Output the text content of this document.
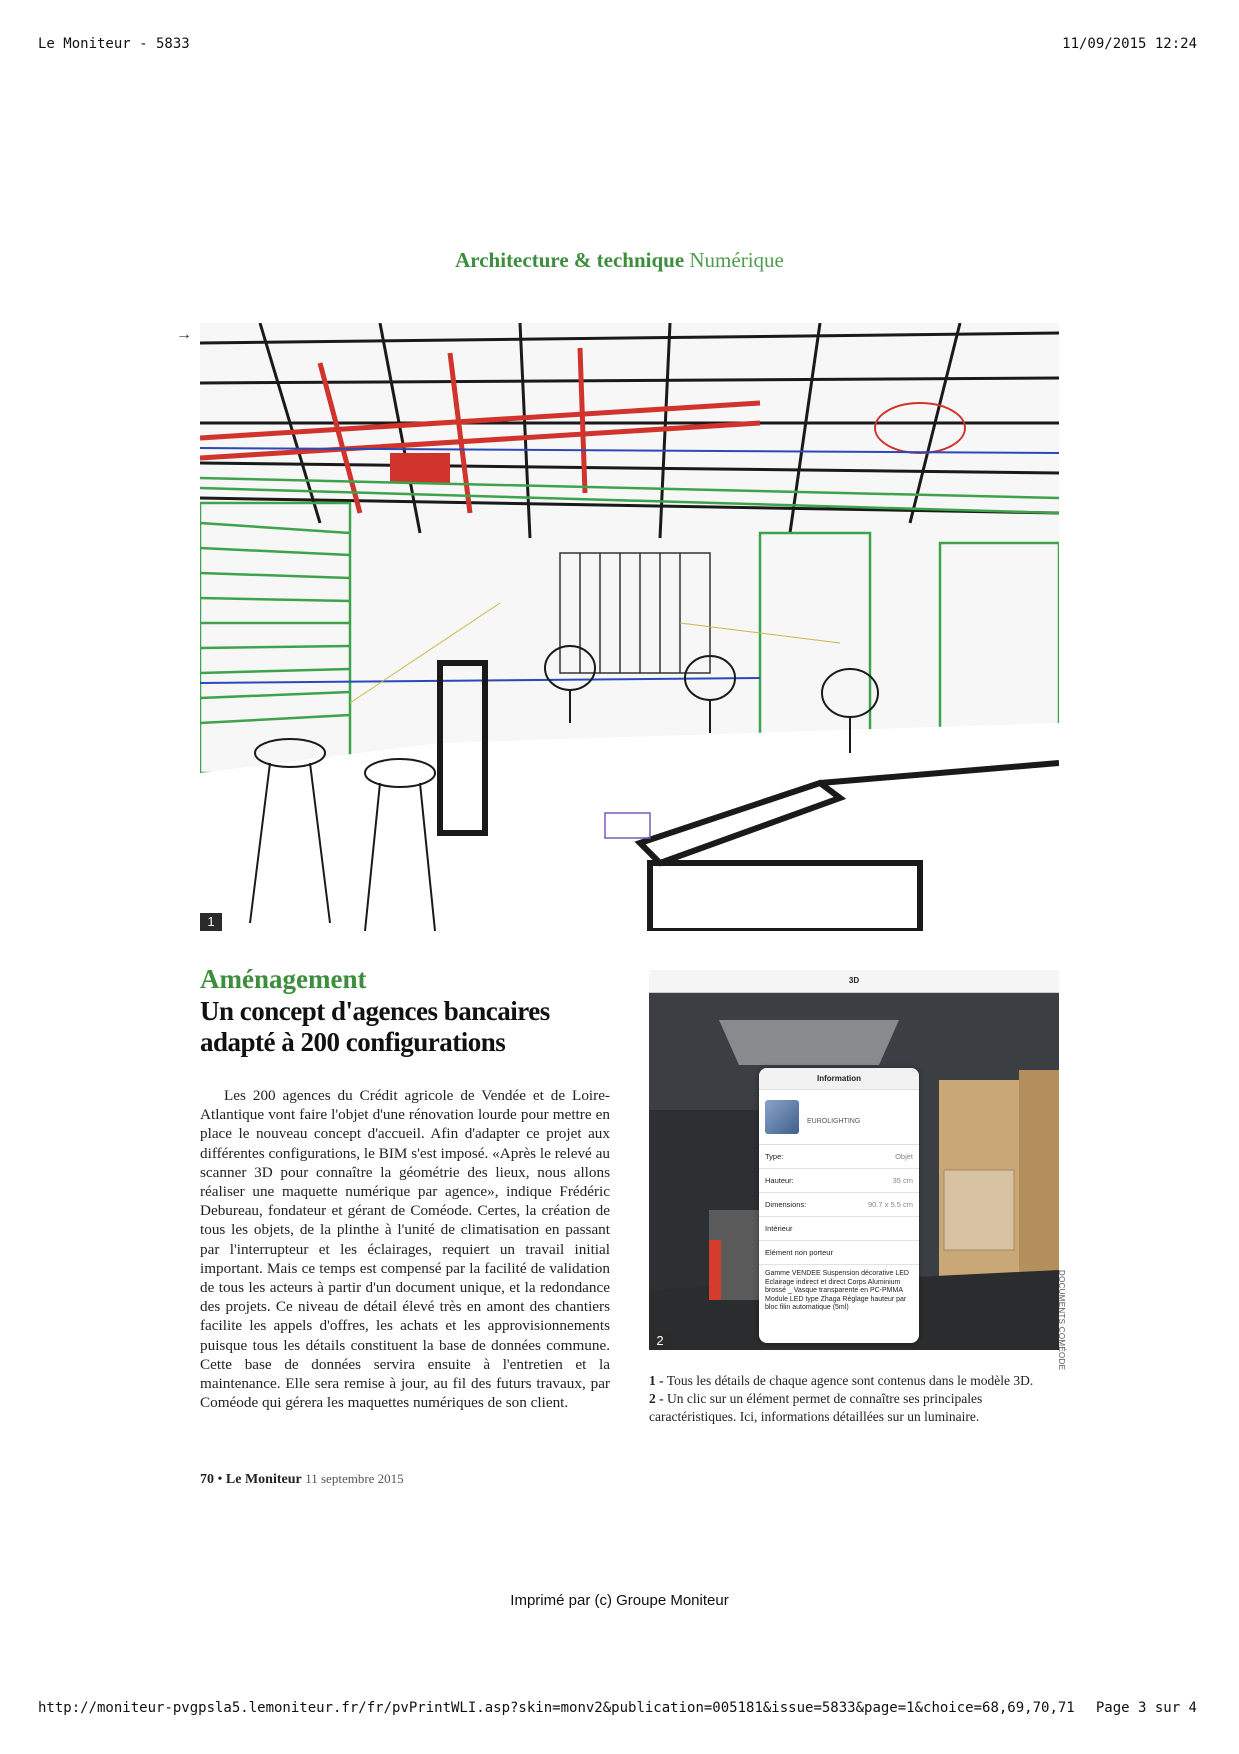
Le Moniteur - 5833	11/09/2015 12:24
Architecture & technique Numérique
→
1
Aménagement
Un concept d'agences bancaires adapté à 200 configurations

Les 200 agences du Crédit agricole de Vendée et de Loire-Atlantique vont faire l'objet d'une rénovation lourde pour mettre en place le nouveau concept d'accueil. Afin d'adapter ce projet aux différentes configurations, le BIM s'est imposé. «Après le relevé au scanner 3D pour connaître la géométrie des lieux, nous allons réaliser une maquette numérique par agence», indique Frédéric Debureau, fondateur et gérant de Coméode. Certes, la création de tous les objets, de la plinthe à l'unité de climatisation en passant par l'interrupteur et les éclairages, requiert un travail initial important. Mais ce temps est compensé par la facilité de validation de tous les acteurs à partir d'un document unique, et la redondance des projets. Ce niveau de détail élevé très en amont des chantiers facilite les appels d'offres, les achats et les approvisionnements puisque tous les détails constituent la base de données commune. Cette base de données servira ensuite à l'entretien et la maintenance. Elle sera remise à jour, au fil des futurs travaux, par Coméode qui gérera les maquettes numériques de son client.

3D
Information
EUROLIGHTING
Type:	Objet
Hauteur:	35 cm
Dimensions:	90.7 x 5.5 cm
Intérieur
Elément non porteur
Gamme VENDEE Suspension décorative LED Eclairage indirect et direct Corps Aluminium brossé _ Vasque transparente en PC-PMMA Module LED type Zhaga Réglage hauteur par bloc filin automatique (5ml)
2	DOCUMENTS COMÉODE
1 - Tous les détails de chaque agence sont contenus dans le modèle 3D.
2 - Un clic sur un élément permet de connaître ses principales caractéristiques. Ici, informations détaillées sur un luminaire.
70 • Le Moniteur 11 septembre 2015
Imprimé par (c) Groupe Moniteur
http://moniteur-pvgpsla5.lemoniteur.fr/fr/pvPrintWLI.asp?skin=monv2&publication=005181&issue=5833&page=1&choice=68,69,70,71 Page 3 sur 4
